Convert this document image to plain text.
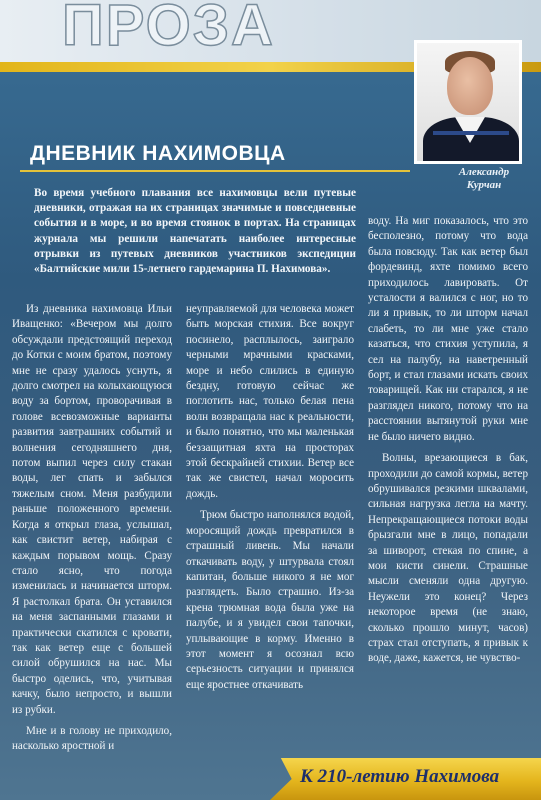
ПРОЗА
Александр
Курчан
ДНЕВНИК НАХИМОВЦА
Во время учебного плавания все нахимовцы вели путевые дневники, отражая на их страницах значимые и повседневные события и в море, и во время стоянок в портах. На страницах журнала мы решили напечатать наиболее интересные отрывки из путевых дневников участников экспедиции «Балтийские мили 15-летнего гардемарина П. Нахимова».

Из дневника нахимовца Ильи Иващенко: «Вечером мы долго обсуждали предстоящий переход до Котки с моим братом, поэтому мне не сразу удалось уснуть, я долго смотрел на колыхающуюся воду за бортом, проворачивая в голове всевозможные варианты развития завтрашних событий и волнения сегодняшнего дня, потом выпил через силу стакан воды, лег спать и забылся тяжелым сном. Меня разбудили раньше положенного времени. Когда я открыл глаза, услышал, как свистит ветер, набирая с каждым порывом мощь. Сразу стало ясно, что погода изменилась и начинается шторм. Я растолкал брата. Он уставился на меня заспанными глазами и практически скатился с кровати, так как ветер еще с большей силой обрушился на нас. Мы быстро оделись, что, учитывая качку, было непросто, и вышли из рубки.

Мне и в голову не приходило, насколько яростной и

неуправляемой для человека может быть морская стихия. Все вокруг посинело, расплылось, заиграло черными мрачными красками, море и небо слились в единую бездну, готовую сейчас же поглотить нас, только белая пена волн возвращала нас к реальности, и было понятно, что мы маленькая беззащитная яхта на просторах этой бескрайней стихии. Ветер все так же свистел, начал моросить дождь.

Трюм быстро наполнялся водой, моросящий дождь превратился в страшный ливень. Мы начали откачивать воду, у штурвала стоял капитан, больше никого я не мог разглядеть. Было страшно. Из-за крена трюмная вода была уже на палубе, и я увидел свои тапочки, уплывающие в корму. Именно в этот момент я осознал всю серьезность ситуации и принялся еще яростнее откачивать

воду. На миг показалось, что это бесполезно, потому что вода была повсюду. Так как ветер был фордевинд, яхте помимо всего приходилось лавировать. От усталости я валился с ног, но то ли я привык, то ли шторм начал слабеть, то ли мне уже стало казаться, что стихия уступила, я сел на палубу, на наветренный борт, и стал глазами искать своих товарищей. Как ни старался, я не разглядел никого, потому что на расстоянии вытянутой руки мне не было ничего видно.

Волны, врезающиеся в бак, проходили до самой кормы, ветер обрушивался резкими шквалами, сильная нагрузка легла на мачту. Непрекращающиеся потоки воды брызгали мне в лицо, попадали за шиворот, стекая по спине, а мои кисти синели. Страшные мысли сменяли одна другую. Неужели это конец? Через некоторое время (не знаю, сколько прошло минут, часов) страх стал отступать, я привык к воде, даже, кажется, не чувство-

К 210-летию Нахимова
